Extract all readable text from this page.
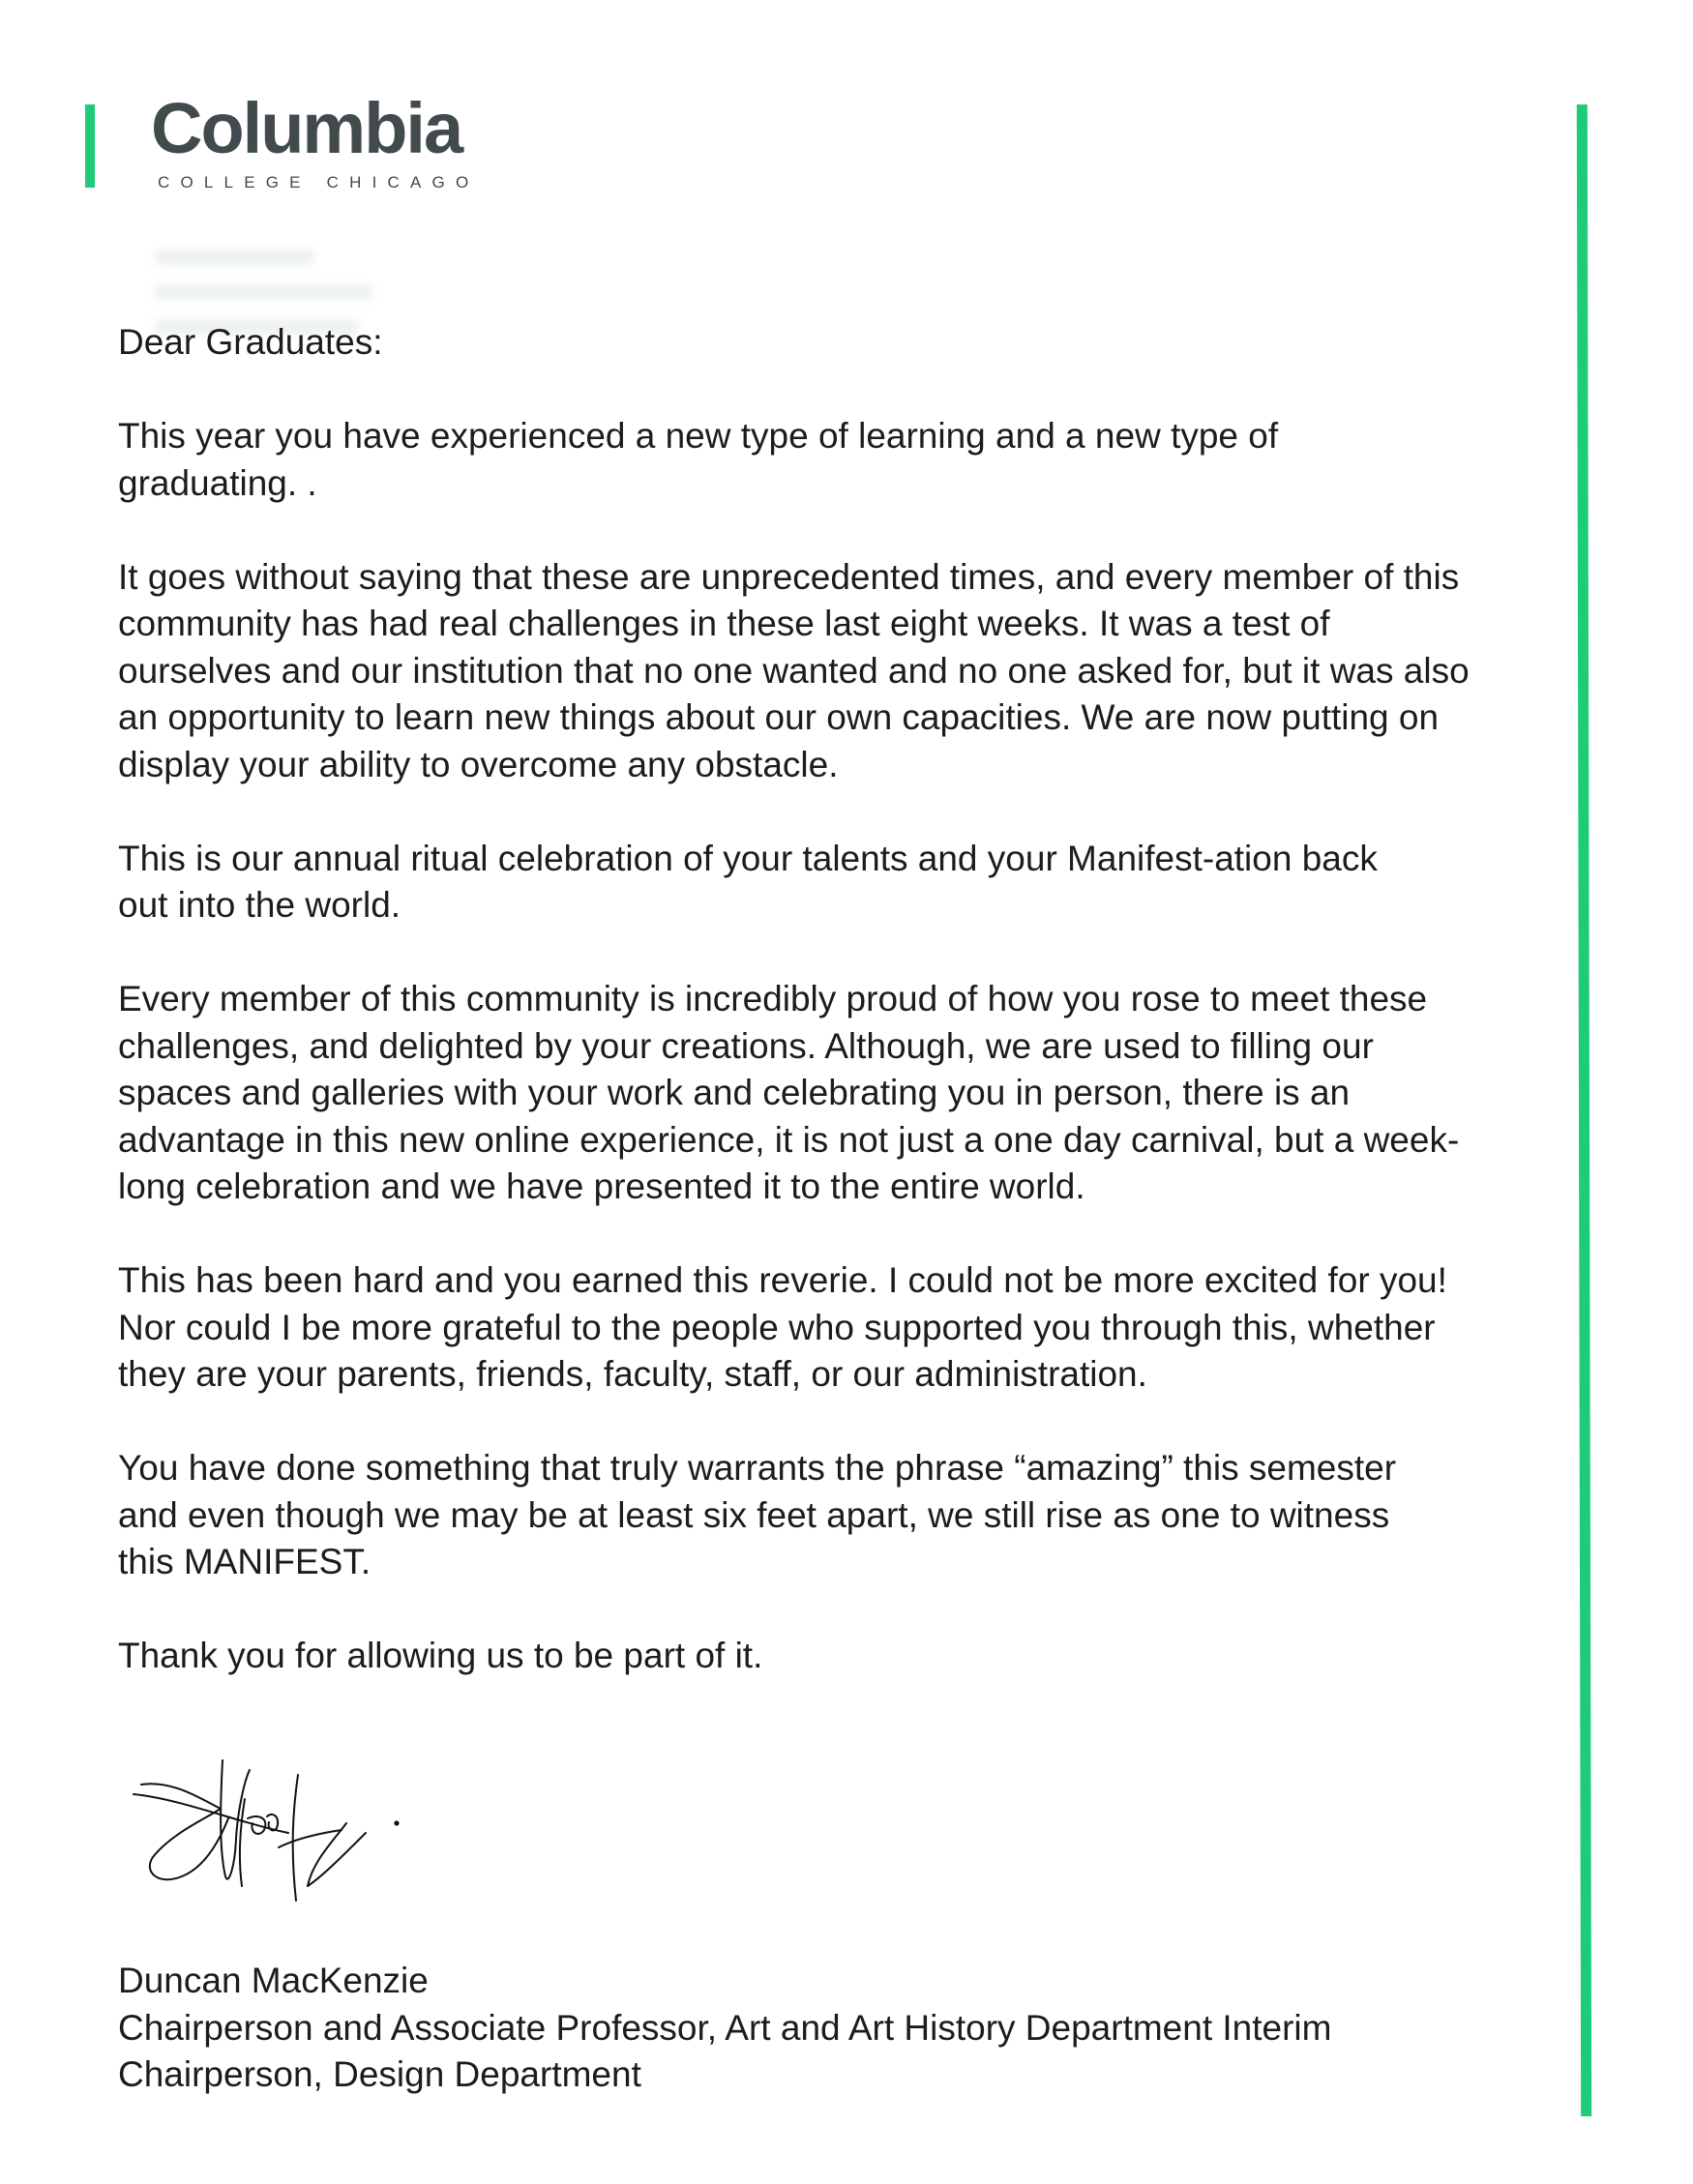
Columbia
COLLEGE CHICAGO

Dear Graduates:

This year you have experienced a new type of learning and a new type of graduating. .

It goes without saying that these are unprecedented times, and every member of this community has had real challenges in these last eight weeks. It was a test of ourselves and our institution that no one wanted and no one asked for, but it was also an opportunity to learn new things about our own capacities. We are now putting on display your ability to overcome any obstacle.

This is our annual ritual celebration of your talents and your Manifest-ation back out into the world.

Every member of this community is incredibly proud of how you rose to meet these challenges, and delighted by your creations. Although, we are used to filling our spaces and galleries with your work and celebrating you in person, there is an advantage in this new online experience, it is not just a one day carnival, but a week-long celebration and we have presented it to the entire world.

This has been hard and you earned this reverie. I could not be more excited for you! Nor could I be more grateful to the people who supported you through this, whether they are your parents, friends, faculty, staff, or our administration.

You have done something that truly warrants the phrase “amazing” this semester and even though we may be at least six feet apart, we still rise as one to witness this MANIFEST.

Thank you for allowing us to be part of it.

Duncan MacKenzie
Chairperson and Associate Professor, Art and Art History Department Interim
Chairperson, Design Department
